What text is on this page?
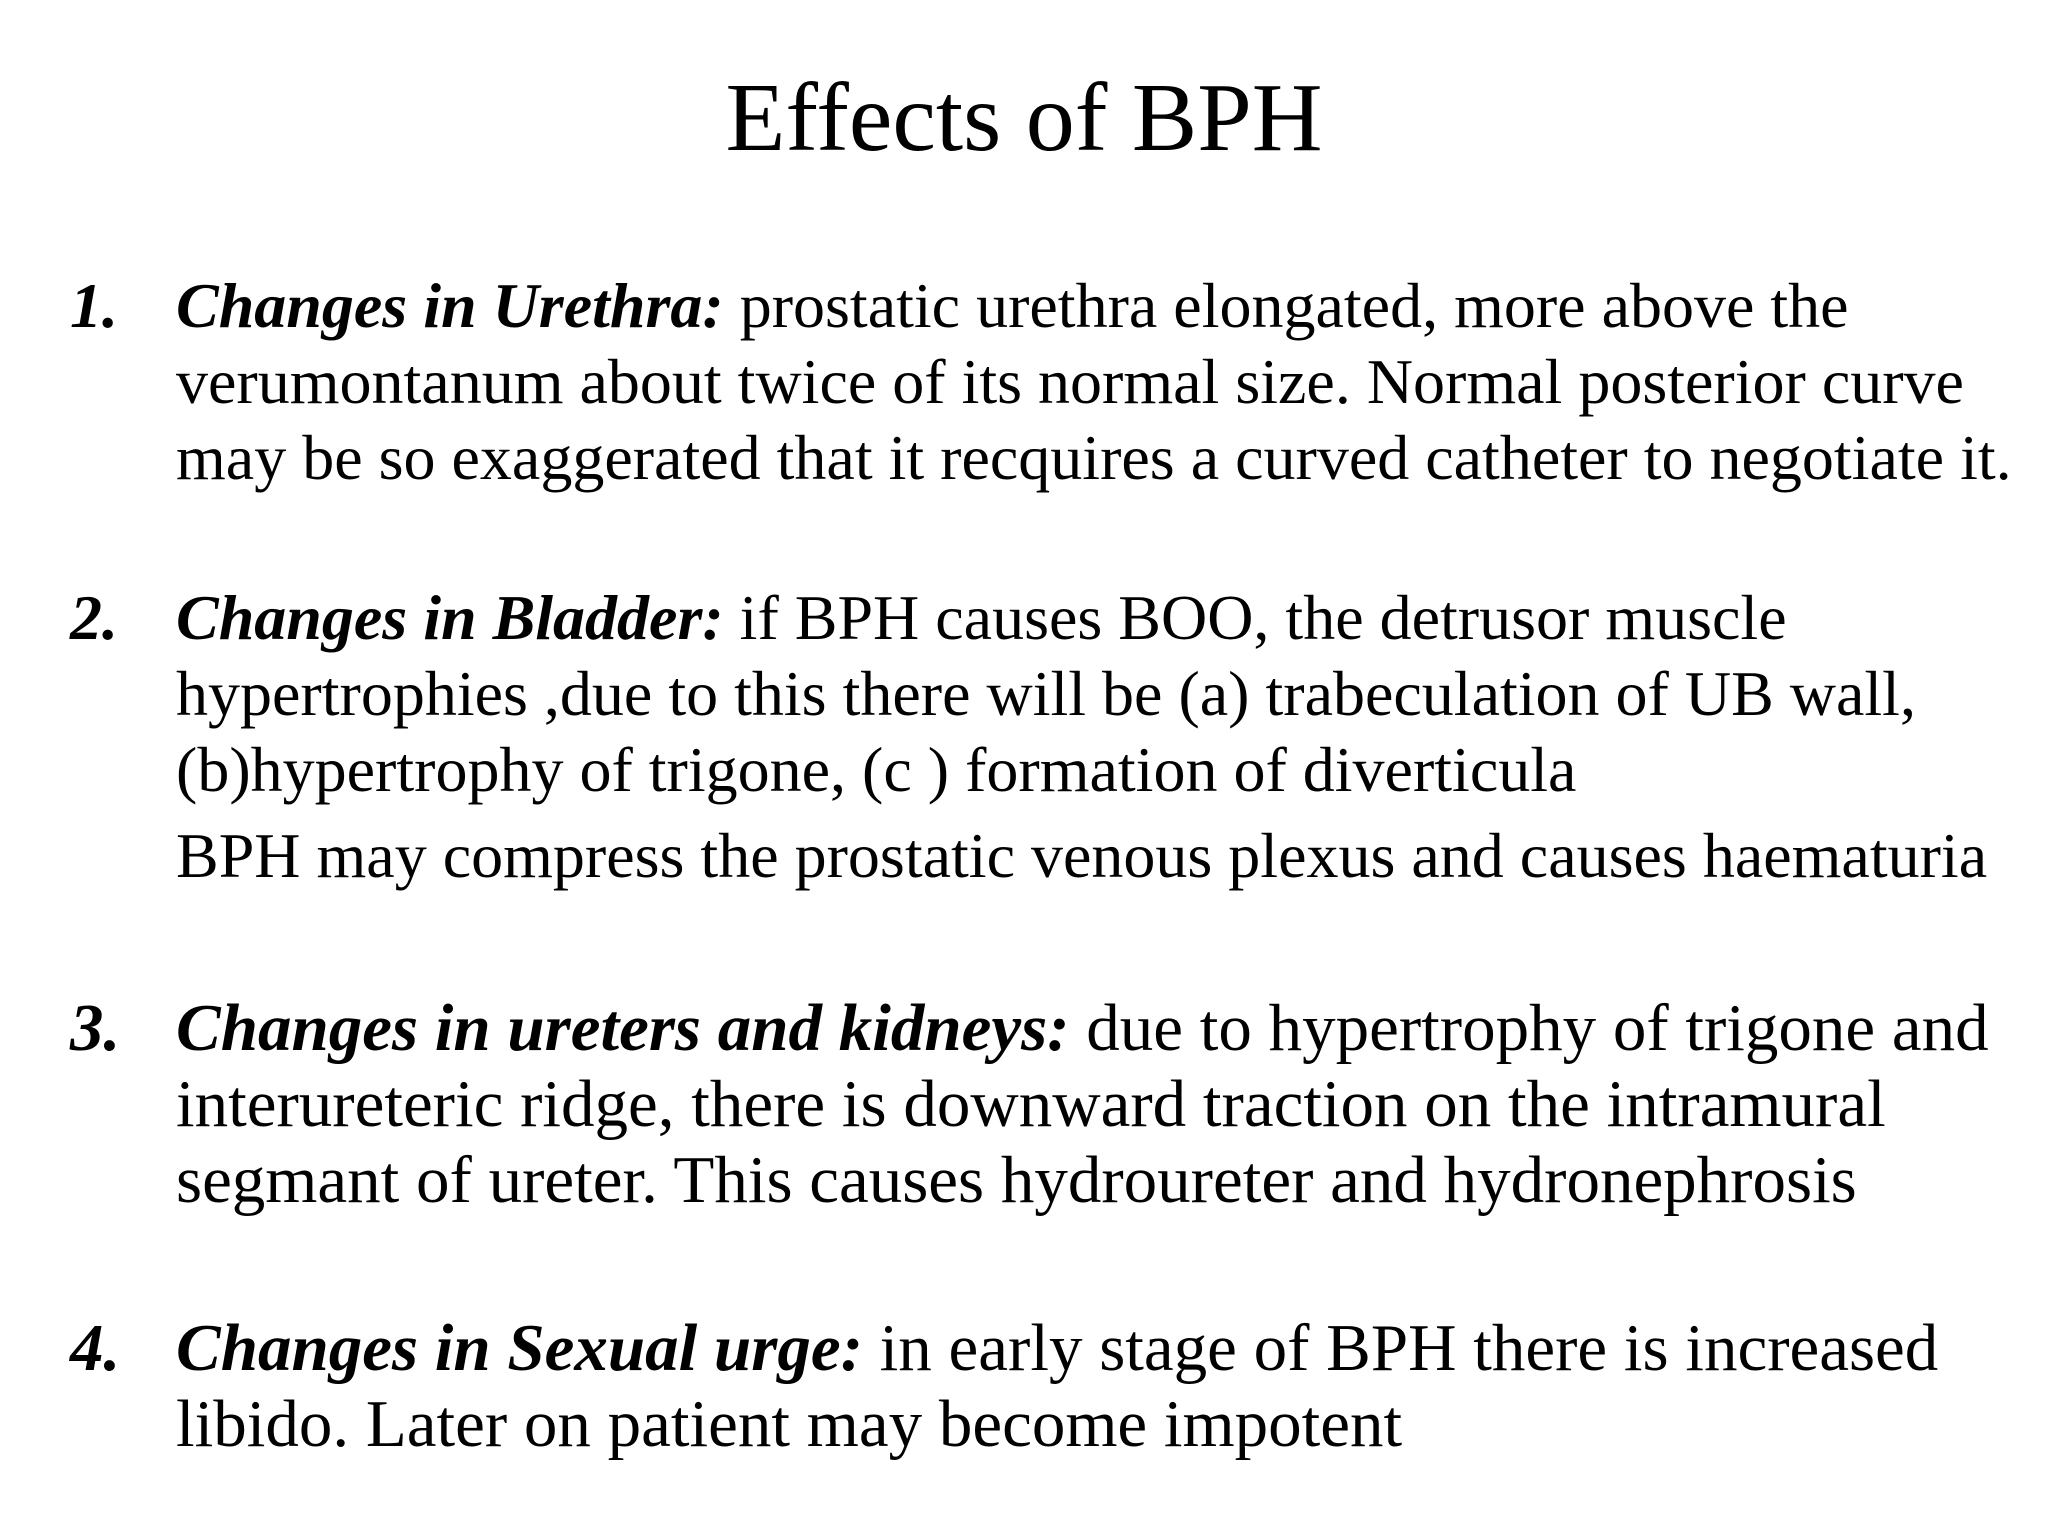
Effects of BPH
1. Changes in Urethra: prostatic urethra elongated, more above the verumontanum about twice of its normal size. Normal posterior curve may be so exaggerated that it recquires a curved catheter to negotiate it.

2. Changes in Bladder: if BPH causes BOO, the detrusor muscle hypertrophies ,due to this there will be (a) trabeculation of UB wall, (b)hypertrophy of trigone, (c ) formation of diverticula

BPH may compress the prostatic venous plexus and causes haematuria

3. Changes in ureters and kidneys: due to hypertrophy of trigone and interureteric ridge, there is downward traction on the intramural segmant of ureter. This causes hydroureter and hydronephrosis

4. Changes in Sexual urge: in early stage of BPH there is increased libido. Later on patient may become impotent
